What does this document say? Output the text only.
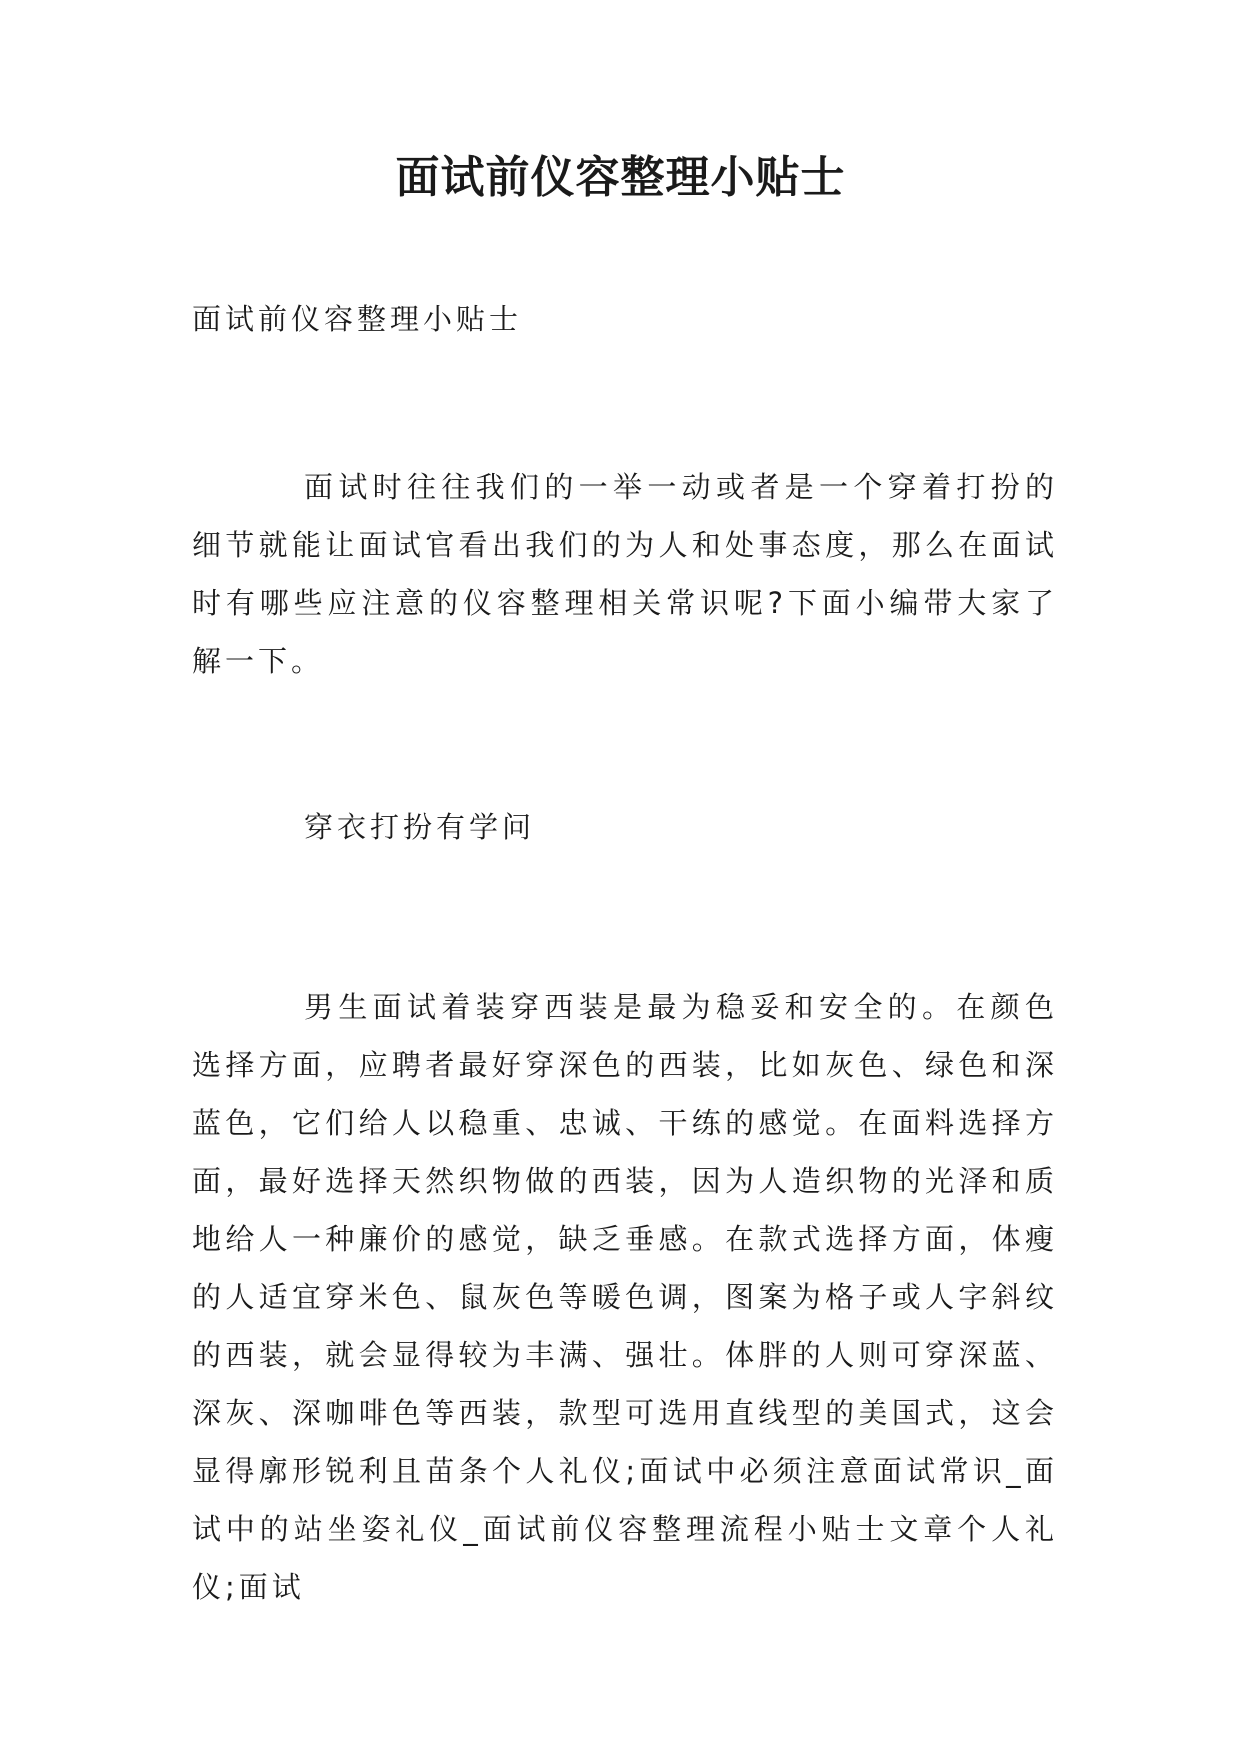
面试前仪容整理小贴士
面试前仪容整理小贴士
面试时往往我们的一举一动或者是一个穿着打扮的细节就能让面试官看出我们的为人和处事态度，那么在面试时有哪些应注意的仪容整理相关常识呢?下面小编带大家了解一下。
穿衣打扮有学问
男生面试着装穿西装是最为稳妥和安全的。在颜色选择方面，应聘者最好穿深色的西装，比如灰色、绿色和深蓝色，它们给人以稳重、忠诚、干练的感觉。在面料选择方面，最好选择天然织物做的西装，因为人造织物的光泽和质地给人一种廉价的感觉，缺乏垂感。在款式选择方面，体瘦的人适宜穿米色、鼠灰色等暖色调，图案为格子或人字斜纹的西装，就会显得较为丰满、强壮。体胖的人则可穿深蓝、深灰、深咖啡色等西装，款型可选用直线型的美国式，这会显得廓形锐利且苗条个人礼仪;面试中必须注意面试常识_面试中的站坐姿礼仪_面试前仪容整理流程小贴士文章个人礼仪;面试
